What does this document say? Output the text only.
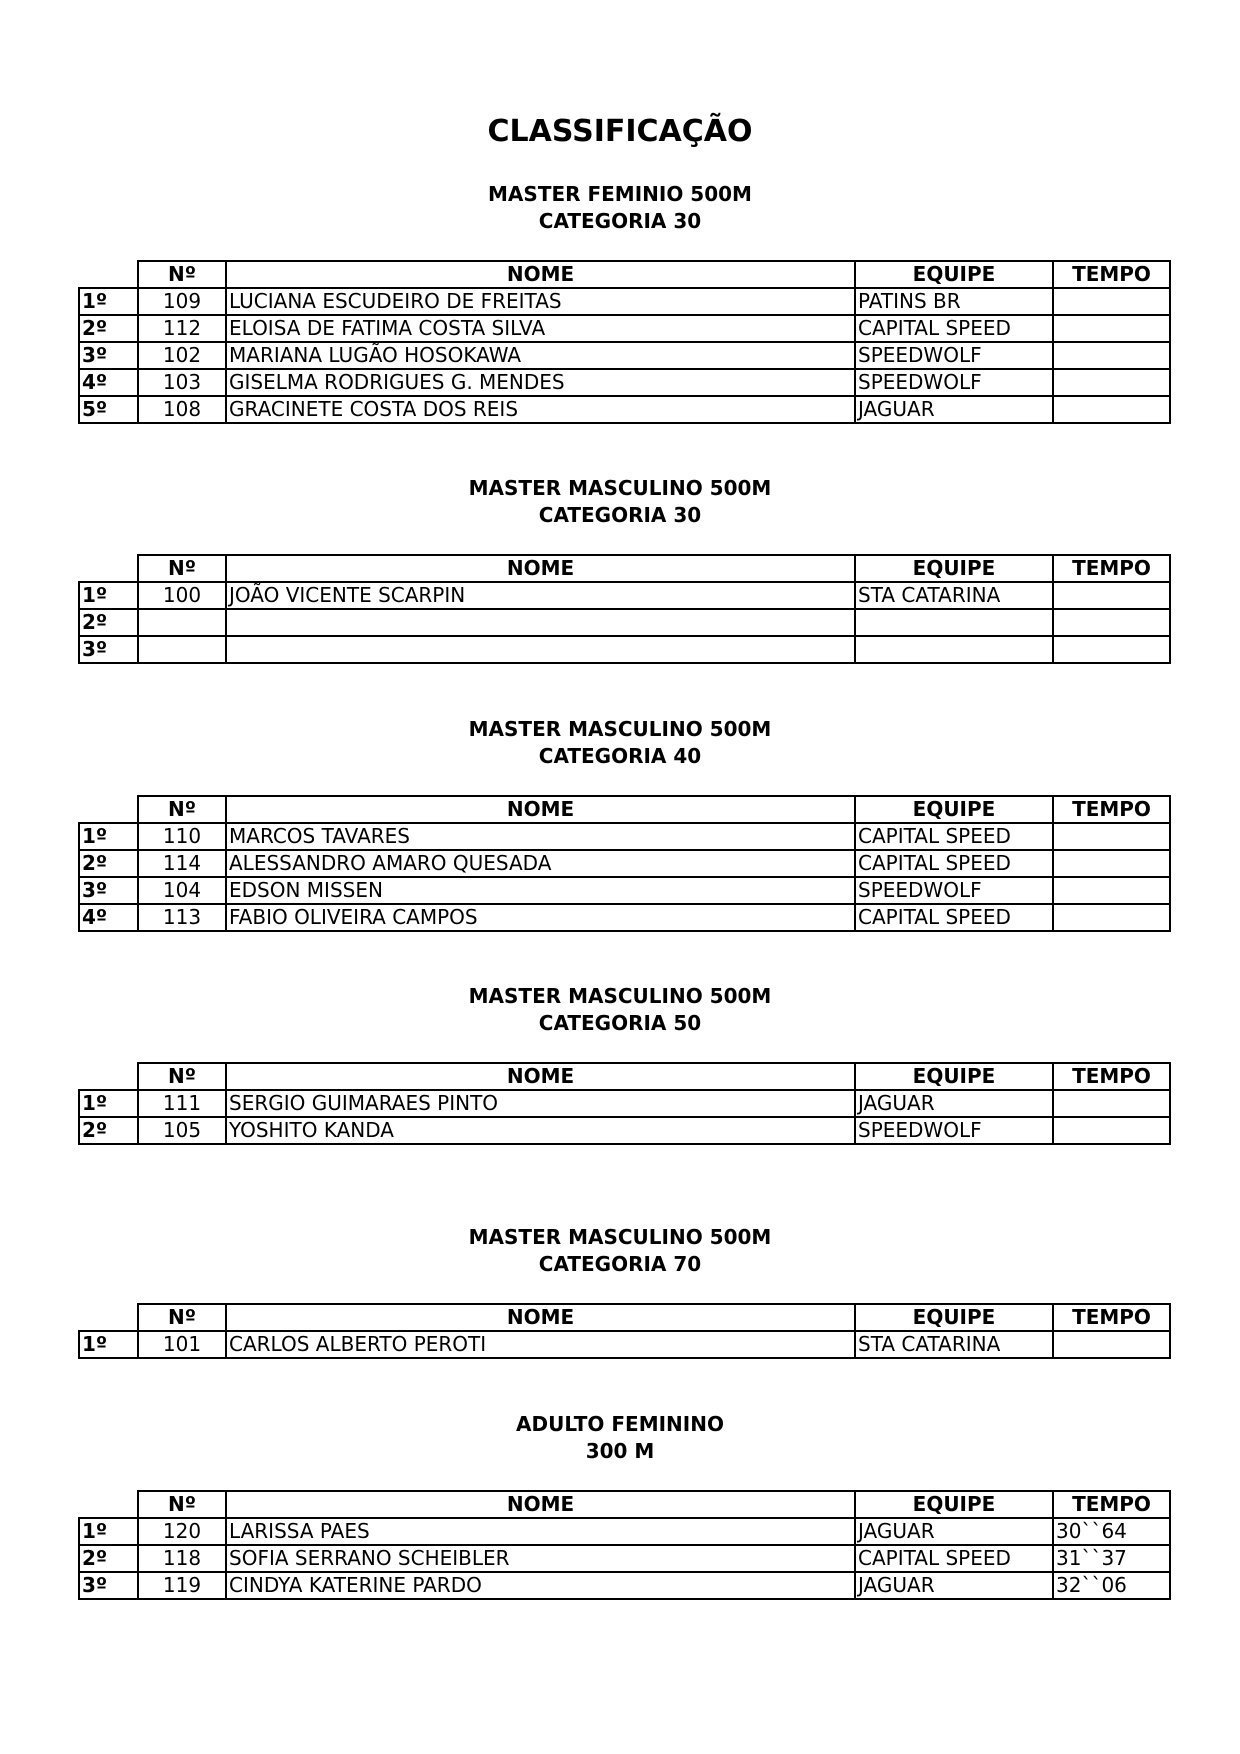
CLASSIFICAÇÃO
MASTER FEMINIO 500M
CATEGORIA 30
	Nº	NOME	EQUIPE	TEMPO
1º	109	LUCIANA ESCUDEIRO DE FREITAS	PATINS BR	
2º	112	ELOISA DE FATIMA COSTA SILVA	CAPITAL SPEED	
3º	102	MARIANA LUGÃO HOSOKAWA	SPEEDWOLF	
4º	103	GISELMA RODRIGUES G. MENDES	SPEEDWOLF	
5º	108	GRACINETE COSTA DOS REIS	JAGUAR	
MASTER MASCULINO 500M
CATEGORIA 30
	Nº	NOME	EQUIPE	TEMPO
1º	100	JOÃO VICENTE SCARPIN	STA CATARINA	
2º				
3º				
MASTER MASCULINO 500M
CATEGORIA 40
	Nº	NOME	EQUIPE	TEMPO
1º	110	MARCOS TAVARES	CAPITAL SPEED	
2º	114	ALESSANDRO AMARO QUESADA	CAPITAL SPEED	
3º	104	EDSON MISSEN	SPEEDWOLF	
4º	113	FABIO OLIVEIRA CAMPOS	CAPITAL SPEED	
MASTER MASCULINO 500M
CATEGORIA 50
	Nº	NOME	EQUIPE	TEMPO
1º	111	SERGIO GUIMARAES PINTO	JAGUAR	
2º	105	YOSHITO KANDA	SPEEDWOLF	
MASTER MASCULINO 500M
CATEGORIA 70
	Nº	NOME	EQUIPE	TEMPO
1º	101	CARLOS ALBERTO PEROTI	STA CATARINA	
ADULTO FEMININO
300 M
	Nº	NOME	EQUIPE	TEMPO
1º	120	LARISSA PAES	JAGUAR	30``64
2º	118	SOFIA SERRANO SCHEIBLER	CAPITAL SPEED	31``37
3º	119	CINDYA KATERINE PARDO	JAGUAR	32``06
